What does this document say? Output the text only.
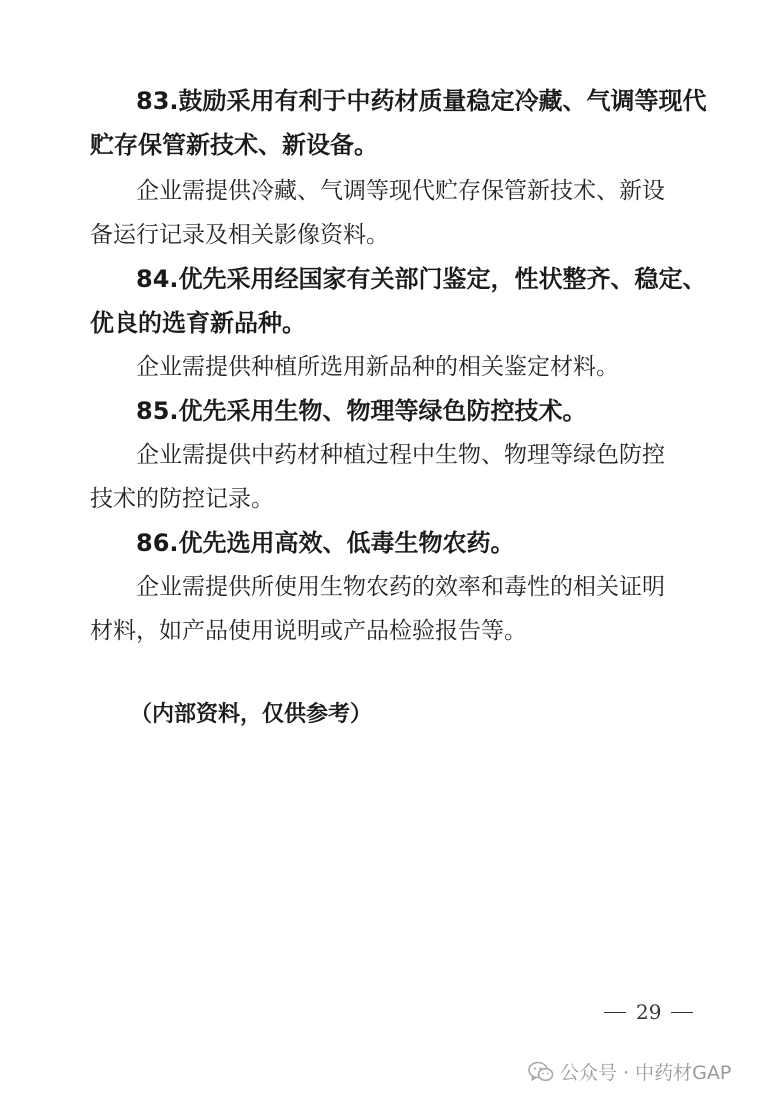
83.鼓励采用有利于中药材质量稳定冷藏、气调等现代
贮存保管新技术、新设备。
企业需提供冷藏、气调等现代贮存保管新技术、新设
备运行记录及相关影像资料。
84.优先采用经国家有关部门鉴定，性状整齐、稳定、
优良的选育新品种。
企业需提供种植所选用新品种的相关鉴定材料。
85.优先采用生物、物理等绿色防控技术。
企业需提供中药材种植过程中生物、物理等绿色防控
技术的防控记录。
86.优先选用高效、低毒生物农药。
企业需提供所使用生物农药的效率和毒性的相关证明
材料，如产品使用说明或产品检验报告等。
（内部资料，仅供参考）
29
公众号 · 中药材GAP
